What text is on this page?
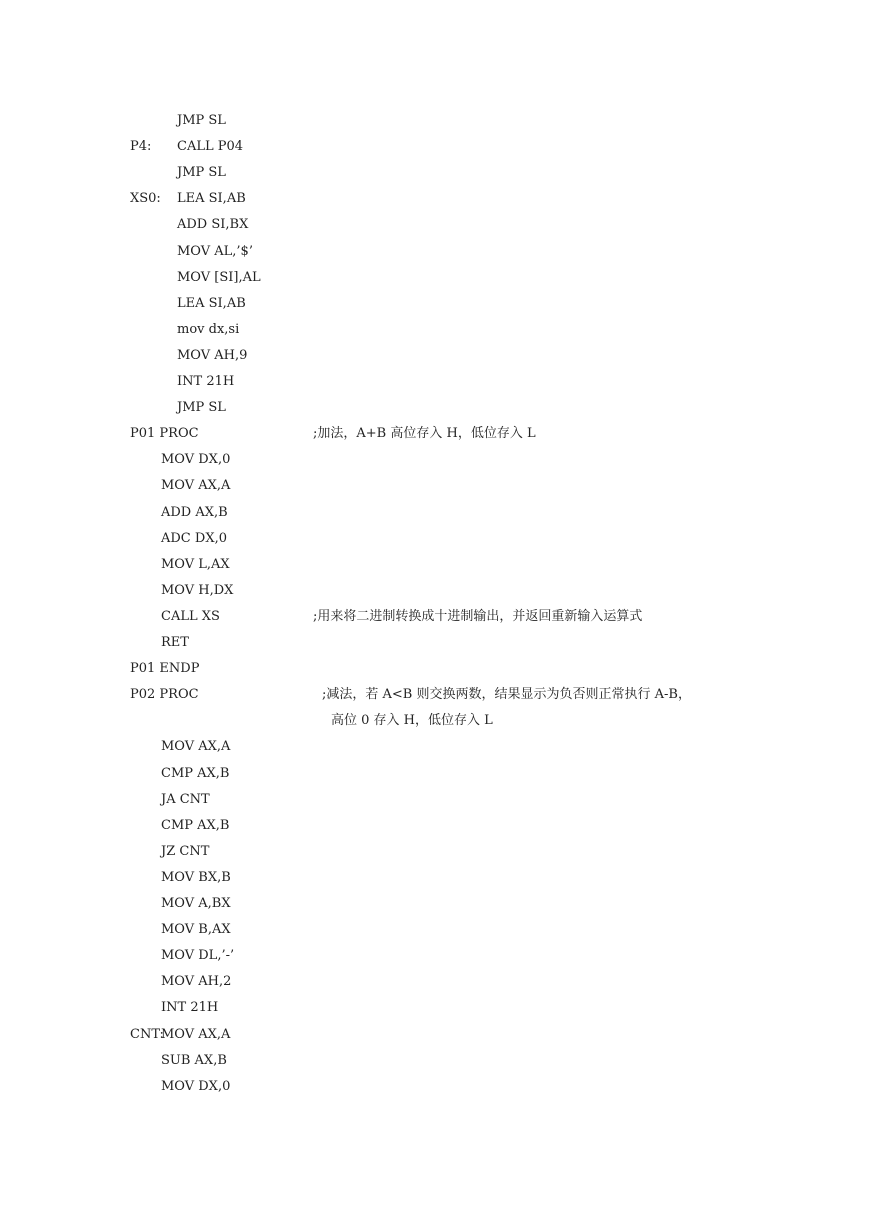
JMP SL
P4: CALL P04
JMP SL
XS0: LEA SI,AB
ADD SI,BX
MOV AL,’$’
MOV [SI],AL
LEA SI,AB
mov dx,si
MOV AH,9
INT 21H
JMP SL
P01 PROC	;加法，A+B 高位存入 H，低位存入 L
MOV DX,0
MOV AX,A
ADD AX,B
ADC DX,0
MOV L,AX
MOV H,DX
CALL XS	;用来将二进制转换成十进制输出，并返回重新输入运算式
RET
P01 ENDP
P02 PROC	;减法，若 A<B 则交换两数，结果显示为负否则正常执行 A-B，
高位 0 存入 H，低位存入 L
MOV AX,A
CMP AX,B
JA CNT
CMP AX,B
JZ CNT
MOV BX,B
MOV A,BX
MOV B,AX
MOV DL,’-’
MOV AH,2
INT 21H
CNT:
MOV AX,A
SUB AX,B
MOV DX,0
